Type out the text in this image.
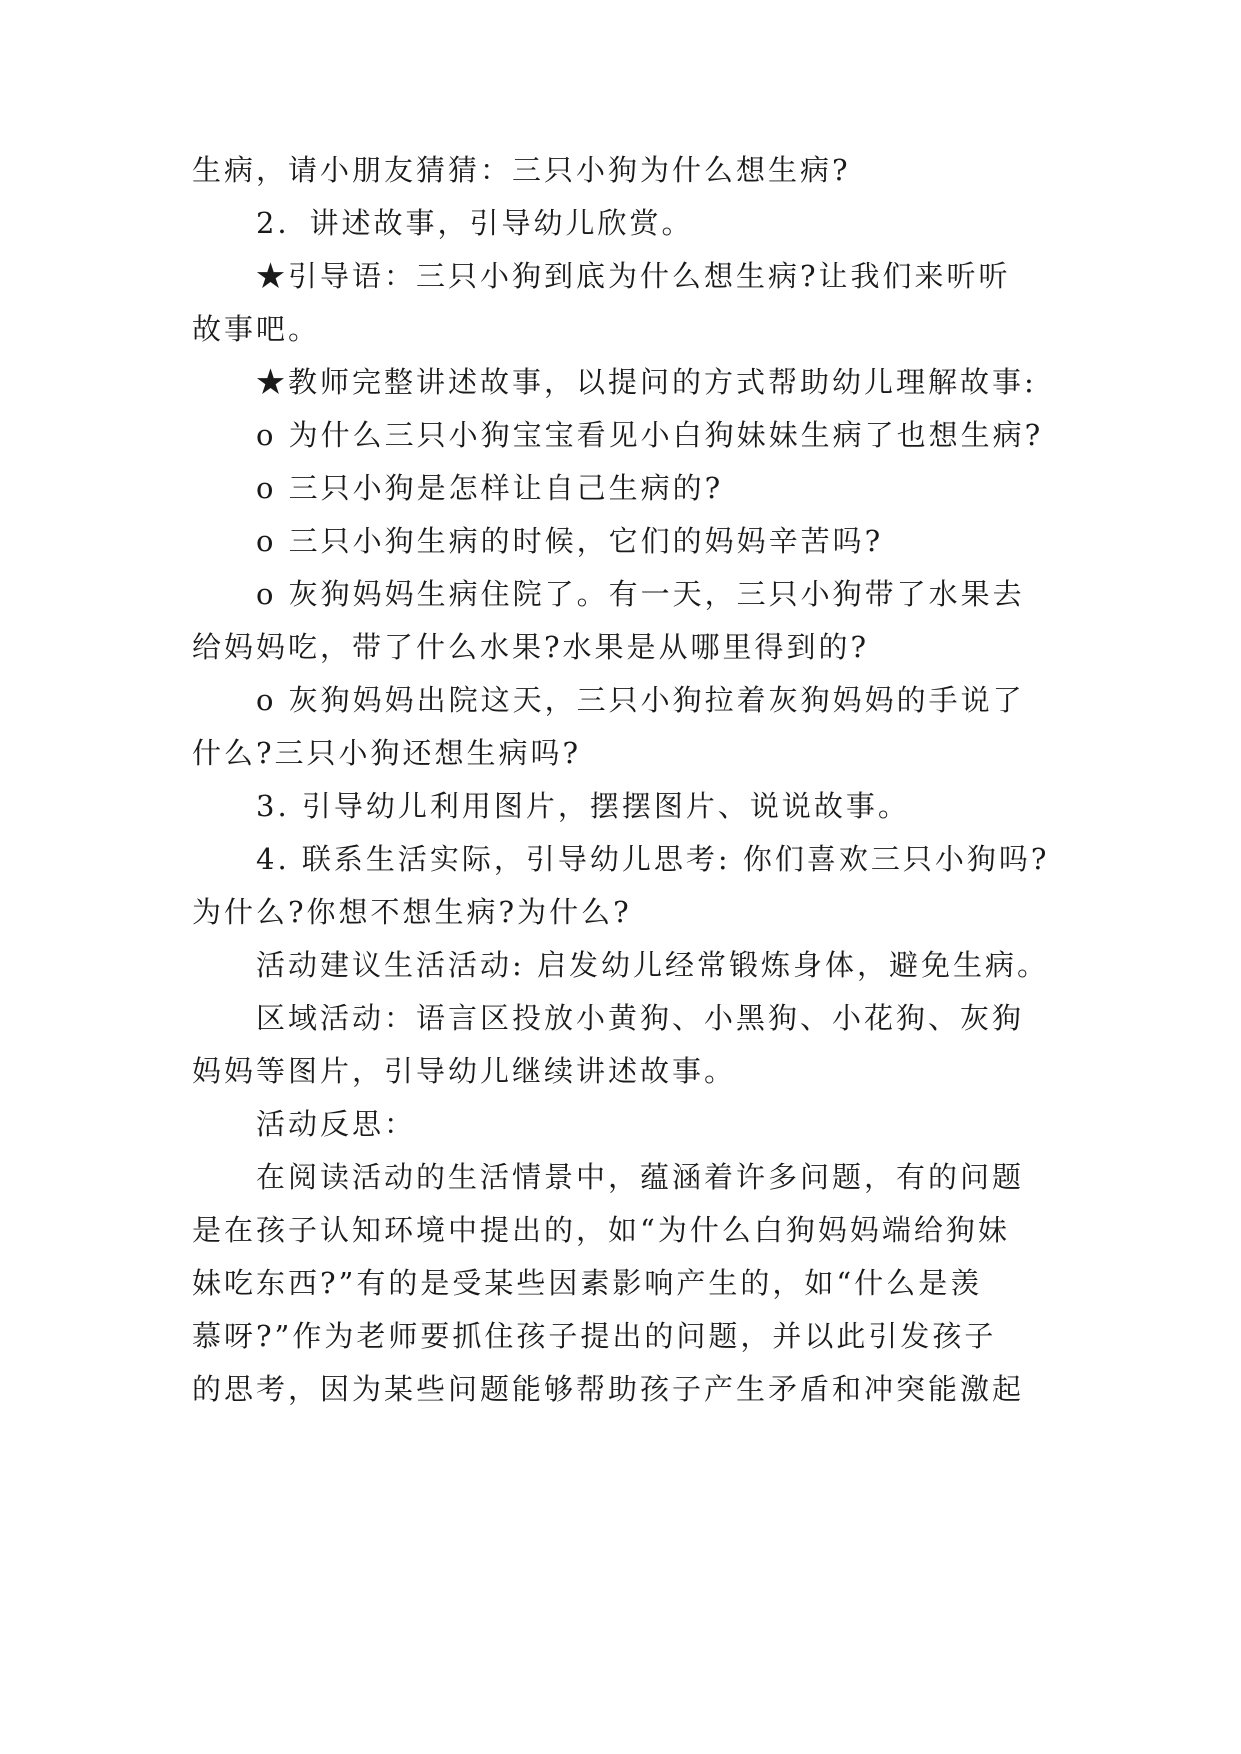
生病，请小朋友猜猜：三只小狗为什么想生病?
2．讲述故事，引导幼儿欣赏。
★引导语：三只小狗到底为什么想生病?让我们来听听
故事吧。
★教师完整讲述故事，以提问的方式帮助幼儿理解故事:
o 为什么三只小狗宝宝看见小白狗妹妹生病了也想生病?
o 三只小狗是怎样让自己生病的?
o 三只小狗生病的时候，它们的妈妈辛苦吗?
o 灰狗妈妈生病住院了。有一天，三只小狗带了水果去
给妈妈吃，带了什么水果?水果是从哪里得到的?
o 灰狗妈妈出院这天，三只小狗拉着灰狗妈妈的手说了
什么?三只小狗还想生病吗?
3. 引导幼儿利用图片，摆摆图片、说说故事。
4. 联系生活实际，引导幼儿思考: 你们喜欢三只小狗吗?
为什么?你想不想生病?为什么?
活动建议生活活动: 启发幼儿经常锻炼身体，避免生病。
区域活动：语言区投放小黄狗、小黑狗、小花狗、灰狗
妈妈等图片，引导幼儿继续讲述故事。
活动反思：
在阅读活动的生活情景中，蕴涵着许多问题，有的问题
是在孩子认知环境中提出的，如“为什么白狗妈妈端给狗妹
妹吃东西?”有的是受某些因素影响产生的，如“什么是羡
慕呀?”作为老师要抓住孩子提出的问题，并以此引发孩子
的思考，因为某些问题能够帮助孩子产生矛盾和冲突能激起
